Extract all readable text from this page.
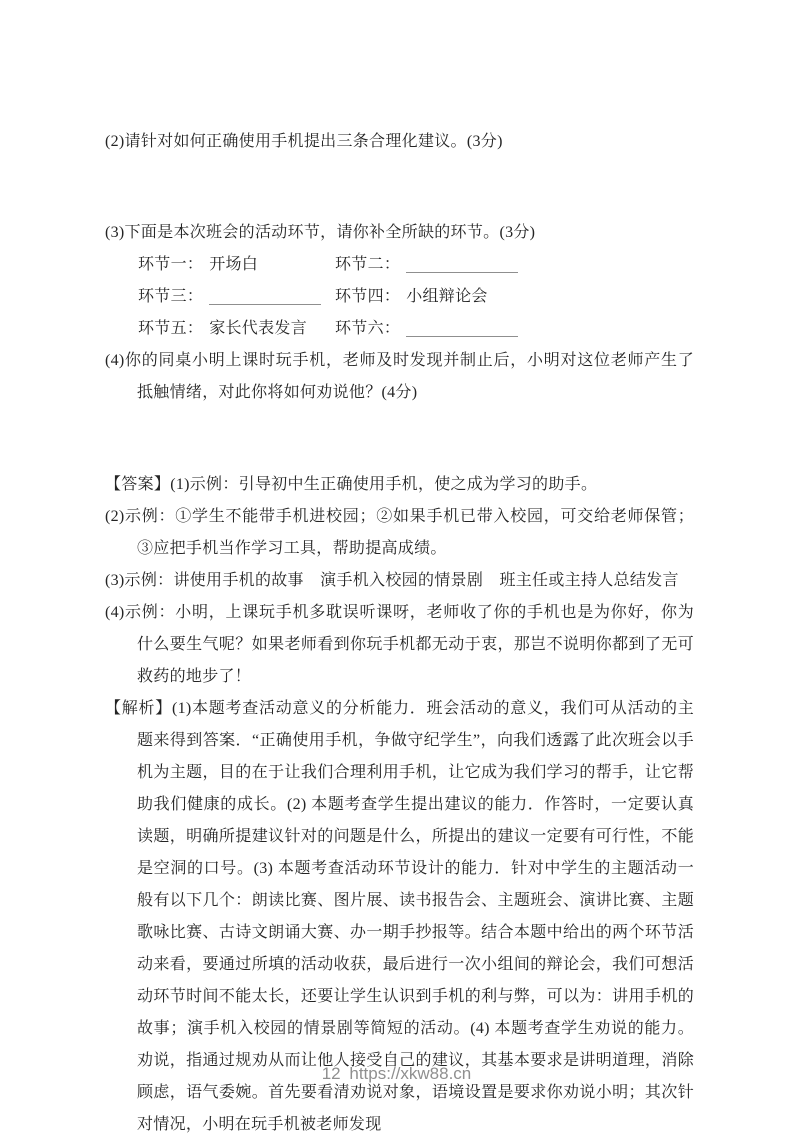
(2)请针对如何正确使用手机提出三条合理化建议。(3分)

(3)下面是本次班会的活动环节，请你补全所缺的环节。(3分)

环节一： 开场白	环节二：
环节三：	环节四： 小组辩论会
环节五： 家长代表发言	环节六：

(4)你的同桌小明上课时玩手机，老师及时发现并制止后，小明对这位老师产生了抵触情绪，对此你将如何劝说他？(4分)

【答案】(1)示例：引导初中生正确使用手机，使之成为学习的助手。

(2)示例：①学生不能带手机进校园；②如果手机已带入校园，可交给老师保管；③应把手机当作学习工具，帮助提高成绩。

(3)示例：讲使用手机的故事　演手机入校园的情景剧　班主任或主持人总结发言

(4)示例：小明，上课玩手机多耽误听课呀，老师收了你的手机也是为你好，你为什么要生气呢？如果老师看到你玩手机都无动于衷，那岂不说明你都到了无可救药的地步了！

【解析】(1)本题考查活动意义的分析能力．班会活动的意义，我们可从活动的主题来得到答案．“正确使用手机，争做守纪学生”，向我们透露了此次班会以手机为主题，目的在于让我们合理利用手机，让它成为我们学习的帮手，让它帮助我们健康的成长。(2) 本题考查学生提出建议的能力．作答时，一定要认真读题，明确所提建议针对的问题是什么，所提出的建议一定要有可行性，不能是空洞的口号。(3) 本题考查活动环节设计的能力．针对中学生的主题活动一般有以下几个：朗读比赛、图片展、读书报告会、主题班会、演讲比赛、主题歌咏比赛、古诗文朗诵大赛、办一期手抄报等。结合本题中给出的两个环节活动来看，要通过所填的活动收获，最后进行一次小组间的辩论会，我们可想活动环节时间不能太长，还要让学生认识到手机的利与弊，可以为：讲用手机的故事；演手机入校园的情景剧等简短的活动。(4) 本题考查学生劝说的能力。劝说，指通过规劝从而让他人接受自己的建议，其基本要求是讲明道理，消除顾虑，语气委婉。首先要看清劝说对象，语境设置是要求你劝说小明；其次针对情况，小明在玩手机被老师发现

12 https://xkw88.cn
